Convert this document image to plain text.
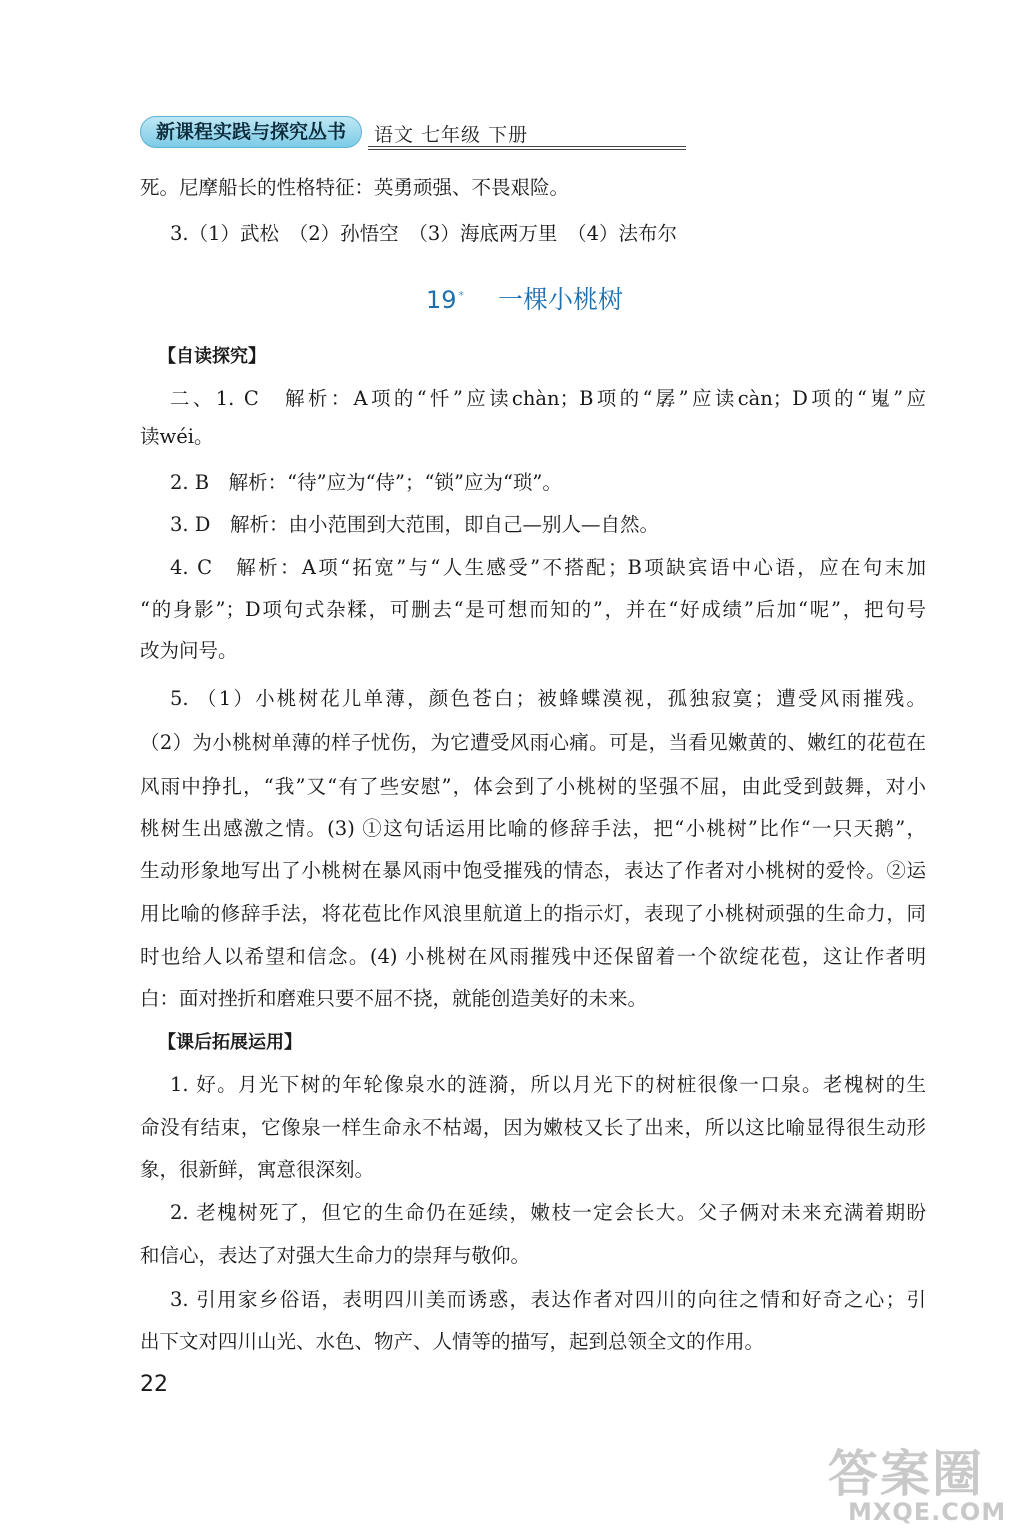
新课程实践与探究丛书	语文 七年级 下册
死。尼摩船长的性格特征：英勇顽强、不畏艰险。
3.（1）武松　（2）孙悟空　（3）海底两万里　（4）法布尔
19 * 一棵小桃树
【自读探究】
二、1. C　解析：A项的“忏”应读chàn；B项的“孱”应读càn；D项的“嵬”应
读wéi。
2. B　解析：“待”应为“侍”；“锁”应为“琐”。
3. D　解析：由小范围到大范围，即自己—别人—自然。
4. C　解析：A项“拓宽”与“人生感受”不搭配；B项缺宾语中心语，应在句末加
“的身影”；D项句式杂糅，可删去“是可想而知的”，并在“好成绩”后加“呢”，把句号
改为问号。
5. （1）小桃树花儿单薄，颜色苍白；被蜂蝶漠视，孤独寂寞；遭受风雨摧残。
（2）为小桃树单薄的样子忧伤，为它遭受风雨心痛。可是，当看见嫩黄的、嫩红的花苞在
风雨中挣扎，“我”又“有了些安慰”，体会到了小桃树的坚强不屈，由此受到鼓舞，对小
桃树生出感激之情。(3) ①这句话运用比喻的修辞手法，把“小桃树”比作“一只天鹅”，
生动形象地写出了小桃树在暴风雨中饱受摧残的情态，表达了作者对小桃树的爱怜。②运
用比喻的修辞手法，将花苞比作风浪里航道上的指示灯，表现了小桃树顽强的生命力，同
时也给人以希望和信念。(4) 小桃树在风雨摧残中还保留着一个欲绽花苞，这让作者明
白：面对挫折和磨难只要不屈不挠，就能创造美好的未来。
【课后拓展运用】
1. 好。月光下树的年轮像泉水的涟漪，所以月光下的树桩很像一口泉。老槐树的生
命没有结束，它像泉一样生命永不枯竭，因为嫩枝又长了出来，所以这比喻显得很生动形
象，很新鲜，寓意很深刻。
2. 老槐树死了，但它的生命仍在延续，嫩枝一定会长大。父子俩对未来充满着期盼
和信心，表达了对强大生命力的崇拜与敬仰。
3. 引用家乡俗语，表明四川美而诱惑，表达作者对四川的向往之情和好奇之心；引
出下文对四川山光、水色、物产、人情等的描写，起到总领全文的作用。
22
答案圈
MXQE.COM
